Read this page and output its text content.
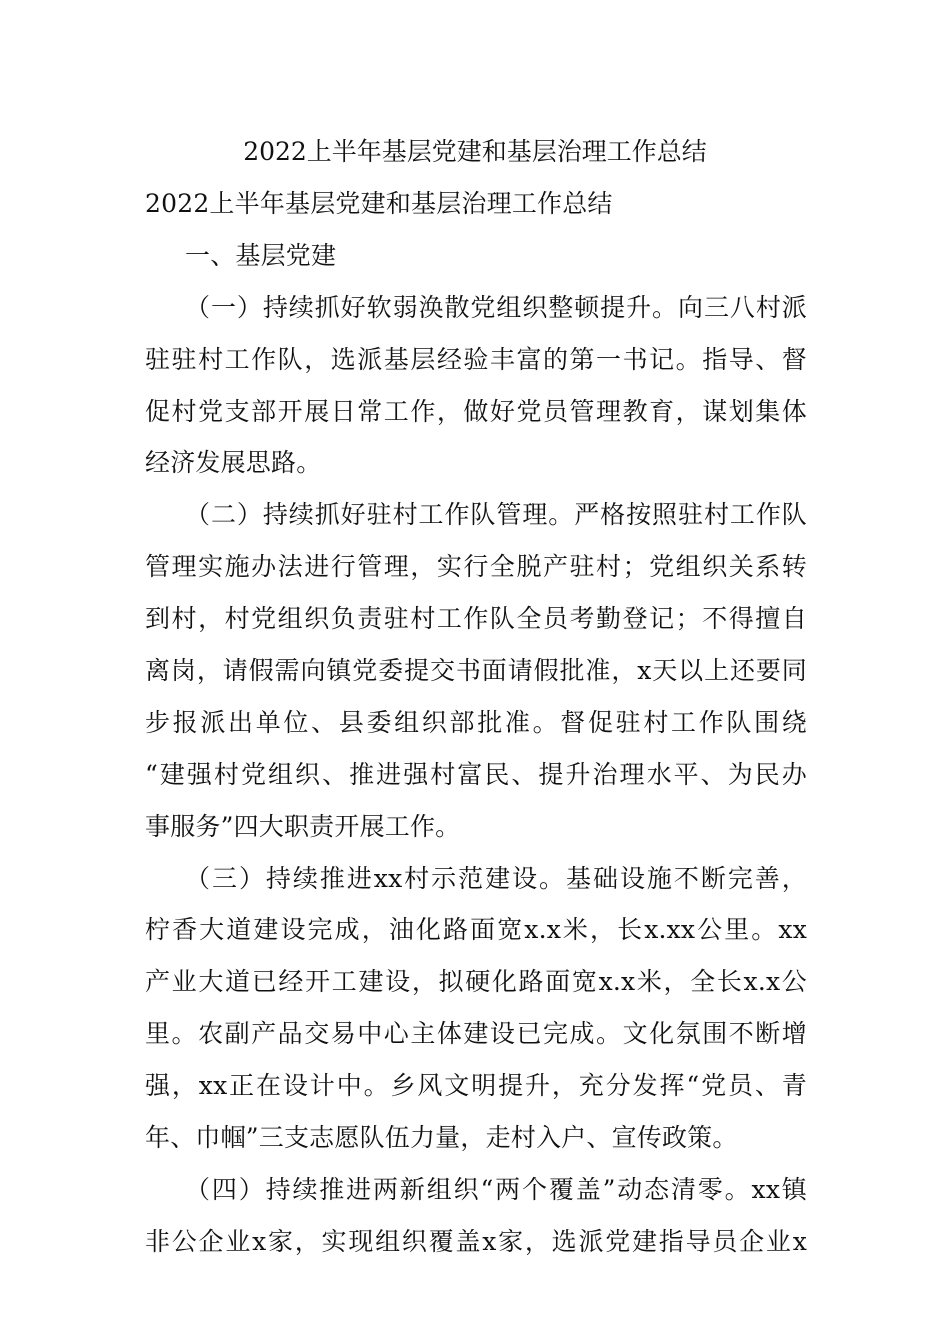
2022上半年基层党建和基层治理工作总结
2022上半年基层党建和基层治理工作总结
一、基层党建
（一）持续抓好软弱涣散党组织整顿提升。向三八村派
驻驻村工作队，选派基层经验丰富的第一书记。指导、督
促村党支部开展日常工作，做好党员管理教育，谋划集体
经济发展思路。
（二）持续抓好驻村工作队管理。严格按照驻村工作队
管理实施办法进行管理，实行全脱产驻村；党组织关系转
到村，村党组织负责驻村工作队全员考勤登记；不得擅自
离岗，请假需向镇党委提交书面请假批准，x天以上还要同
步报派出单位、县委组织部批准。督促驻村工作队围绕
“建强村党组织、推进强村富民、提升治理水平、为民办
事服务”四大职责开展工作。
（三）持续推进xx村示范建设。基础设施不断完善，
柠香大道建设完成，油化路面宽x.x米，长x.xx公里。xx
产业大道已经开工建设，拟硬化路面宽x.x米，全长x.x公
里。农副产品交易中心主体建设已完成。文化氛围不断增
强，xx正在设计中。乡风文明提升，充分发挥“党员、青
年、巾帼”三支志愿队伍力量，走村入户、宣传政策。
（四）持续推进两新组织“两个覆盖”动态清零。xx镇
非公企业x家，实现组织覆盖x家，选派党建指导员企业x
